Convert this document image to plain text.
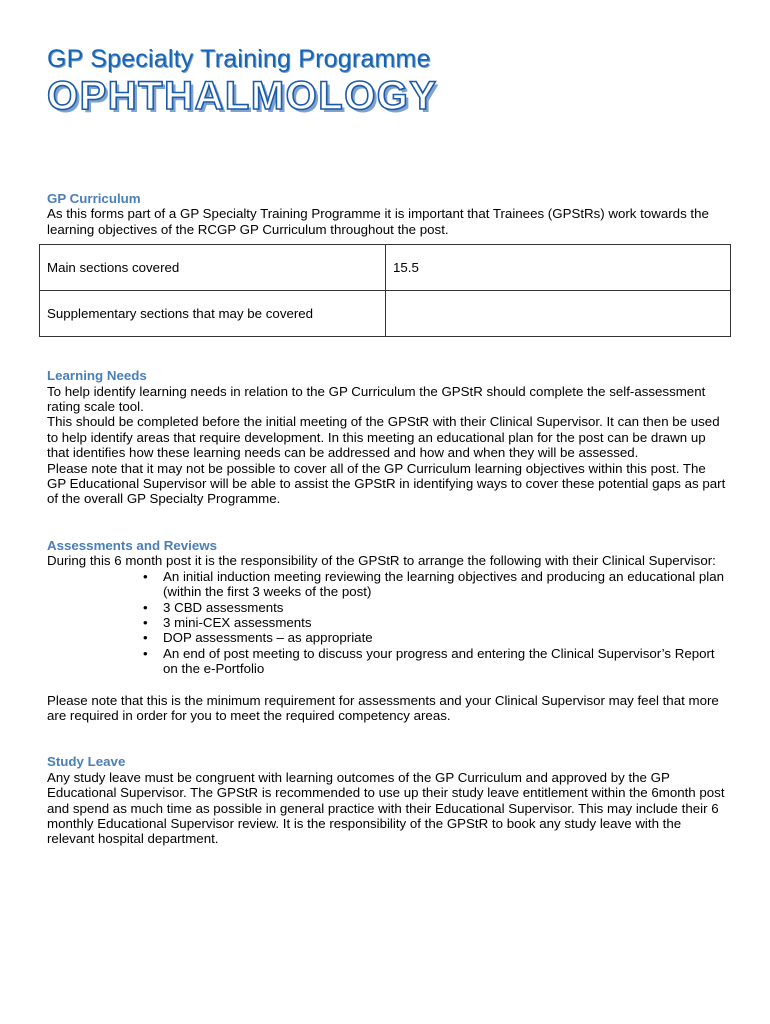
GP Specialty Training Programme
OPHTHALMOLOGY
GP Curriculum

As this forms part of a GP Specialty Training Programme it is important that Trainees (GPStRs) work towards the learning objectives of the RCGP GP Curriculum throughout the post.

Main sections covered	15.5
Supplementary sections that may be covered	
Learning Needs

To help identify learning needs in relation to the GP Curriculum the GPStR should complete the self-assessment rating scale tool.

This should be completed before the initial meeting of the GPStR with their Clinical Supervisor. It can then be used to help identify areas that require development. In this meeting an educational plan for the post can be drawn up that identifies how these learning needs can be addressed and how and when they will be assessed.

Please note that it may not be possible to cover all of the GP Curriculum learning objectives within this post. The GP Educational Supervisor will be able to assist the GPStR in identifying ways to cover these potential gaps as part of the overall GP Specialty Programme.

Assessments and Reviews

During this 6 month post it is the responsibility of the GPStR to arrange the following with their Clinical Supervisor:

• An initial induction meeting reviewing the learning objectives and producing an educational plan (within the first 3 weeks of the post)
• 3 CBD assessments
• 3 mini-CEX assessments
• DOP assessments – as appropriate
• An end of post meeting to discuss your progress and entering the Clinical Supervisor’s Report on the e-Portfolio

Please note that this is the minimum requirement for assessments and your Clinical Supervisor may feel that more are required in order for you to meet the required competency areas.

Study Leave

Any study leave must be congruent with learning outcomes of the GP Curriculum and approved by the GP Educational Supervisor. The GPStR is recommended to use up their study leave entitlement within the 6month post and spend as much time as possible in general practice with their Educational Supervisor. This may include their 6 monthly Educational Supervisor review. It is the responsibility of the GPStR to book any study leave with the relevant hospital department.
